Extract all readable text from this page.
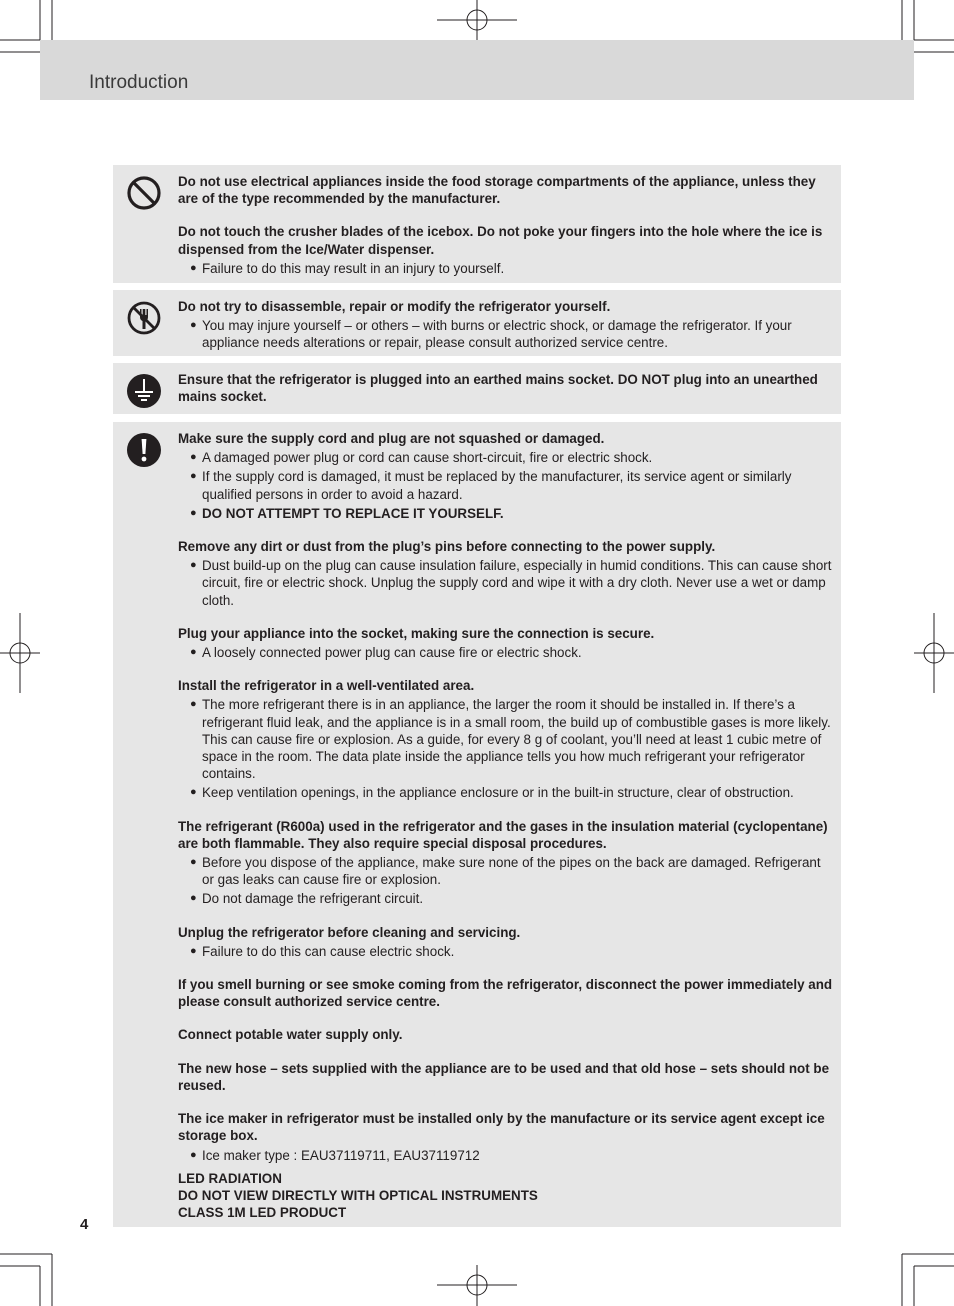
Introduction
Do not use electrical appliances inside the food storage compartments of the appliance, unless they are of the type recommended by the manufacturer.
Do not touch the crusher blades of the icebox. Do not poke your fingers into the hole where the ice is dispensed from the Ice/Water dispenser.
● Failure to do this may result in an injury to yourself.
Do not try to disassemble, repair or modify the refrigerator yourself.
● You may injure yourself – or others – with burns or electric shock, or damage the refrigerator. If your appliance needs alterations or repair, please consult authorized service centre.
Ensure that the refrigerator is plugged into an earthed mains socket. DO NOT plug into an unearthed mains socket.
Make sure the supply cord and plug are not squashed or damaged.
● A damaged power plug or cord can cause short-circuit, fire or electric shock.
● If the supply cord is damaged, it must be replaced by the manufacturer, its service agent or similarly qualified persons in order to avoid a hazard.
● DO NOT ATTEMPT TO REPLACE IT YOURSELF.
Remove any dirt or dust from the plug’s pins before connecting to the power supply.
● Dust build-up on the plug can cause insulation failure, especially in humid conditions. This can cause short circuit, fire or electric shock. Unplug the supply cord and wipe it with a dry cloth. Never use a wet or damp cloth.
Plug your appliance into the socket, making sure the connection is secure.
● A loosely connected power plug can cause fire or electric shock.
Install the refrigerator in a well-ventilated area.
● The more refrigerant there is in an appliance, the larger the room it should be installed in. If there’s a refrigerant fluid leak, and the appliance is in a small room, the build up of combustible gases is more likely. This can cause fire or explosion. As a guide, for every 8 g of coolant, you’ll need at least 1 cubic metre of space in the room. The data plate inside the appliance tells you how much refrigerant your refrigerator contains.
● Keep ventilation openings, in the appliance enclosure or in the built-in structure, clear of obstruction.
The refrigerant (R600a) used in the refrigerator and the gases in the insulation material (cyclopentane) are both flammable. They also require special disposal procedures.
● Before you dispose of the appliance, make sure none of the pipes on the back are damaged. Refrigerant or gas leaks can cause fire or explosion.
● Do not damage the refrigerant circuit.
Unplug the refrigerator before cleaning and servicing.
● Failure to do this can cause electric shock.
If you smell burning or see smoke coming from the refrigerator, disconnect the power immediately and please consult authorized service centre.
Connect potable water supply only.
The new hose – sets supplied with the appliance are to be used and that old hose – sets should not be reused.
The ice maker in refrigerator must be installed only by the manufacture or its service agent except ice storage box.
● Ice maker type : EAU37119711, EAU37119712
LED RADIATION
DO NOT VIEW DIRECTLY WITH OPTICAL INSTRUMENTS
CLASS 1M LED PRODUCT
4
